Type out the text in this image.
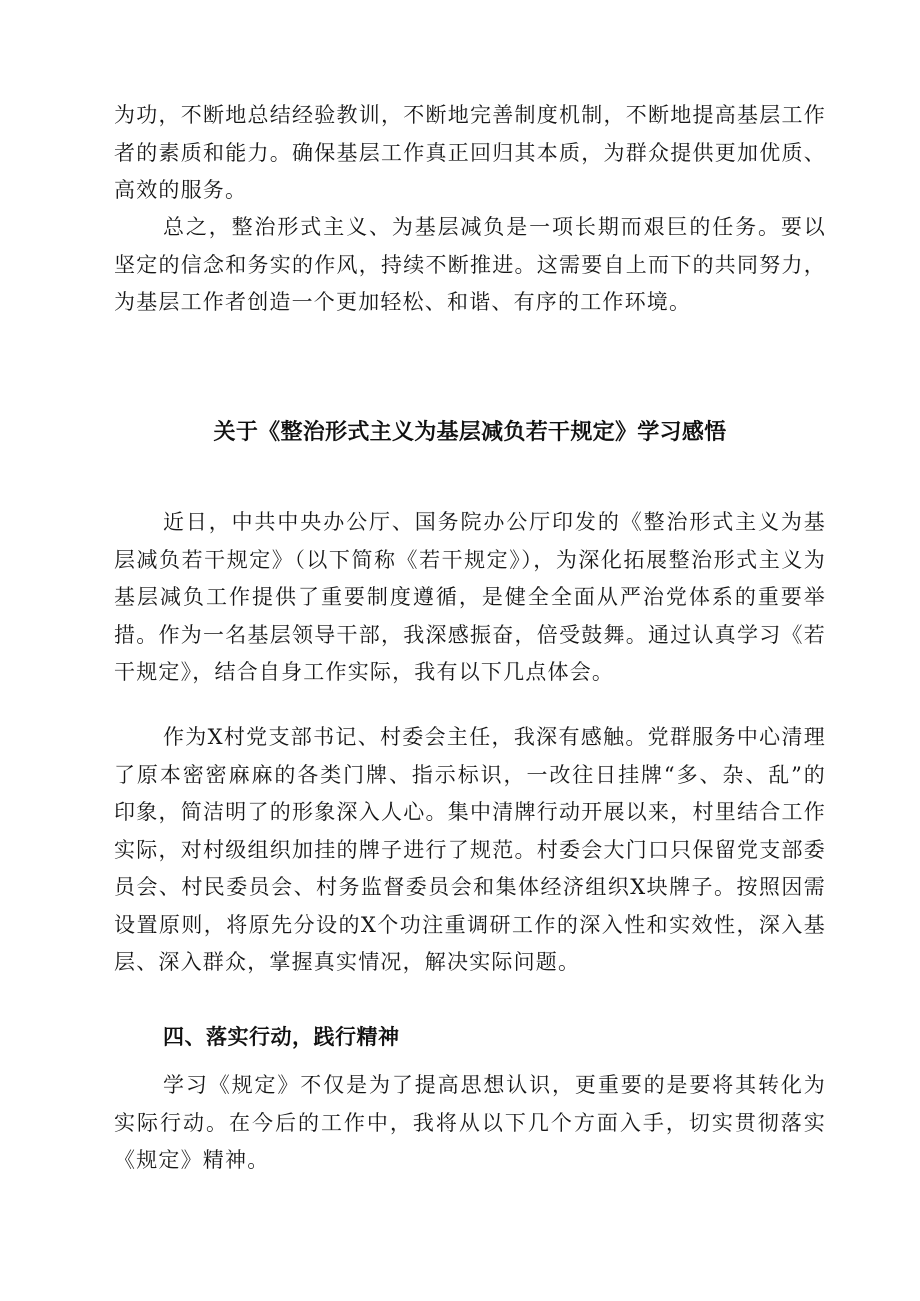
为功，不断地总结经验教训，不断地完善制度机制，不断地提高基层工作者的素质和能力。确保基层工作真正回归其本质，为群众提供更加优质、高效的服务。

总之，整治形式主义、为基层减负是一项长期而艰巨的任务。要以坚定的信念和务实的作风，持续不断推进。这需要自上而下的共同努力，为基层工作者创造一个更加轻松、和谐、有序的工作环境。

关于《整治形式主义为基层减负若干规定》学习感悟

近日，中共中央办公厅、国务院办公厅印发的《整治形式主义为基层减负若干规定》（以下简称《若干规定》），为深化拓展整治形式主义为基层减负工作提供了重要制度遵循，是健全全面从严治党体系的重要举措。作为一名基层领导干部，我深感振奋，倍受鼓舞。通过认真学习《若干规定》，结合自身工作实际，我有以下几点体会。

作为X村党支部书记、村委会主任，我深有感触。党群服务中心清理了原本密密麻麻的各类门牌、指示标识，一改往日挂牌“多、杂、乱”的印象，简洁明了的形象深入人心。集中清牌行动开展以来，村里结合工作实际，对村级组织加挂的牌子进行了规范。村委会大门口只保留党支部委员会、村民委员会、村务监督委员会和集体经济组织X块牌子。按照因需设置原则，将原先分设的X个功注重调研工作的深入性和实效性，深入基层、深入群众，掌握真实情况，解决实际问题。

四、落实行动，践行精神

学习《规定》不仅是为了提高思想认识，更重要的是要将其转化为实际行动。在今后的工作中，我将从以下几个方面入手，切实贯彻落实《规定》精神。
